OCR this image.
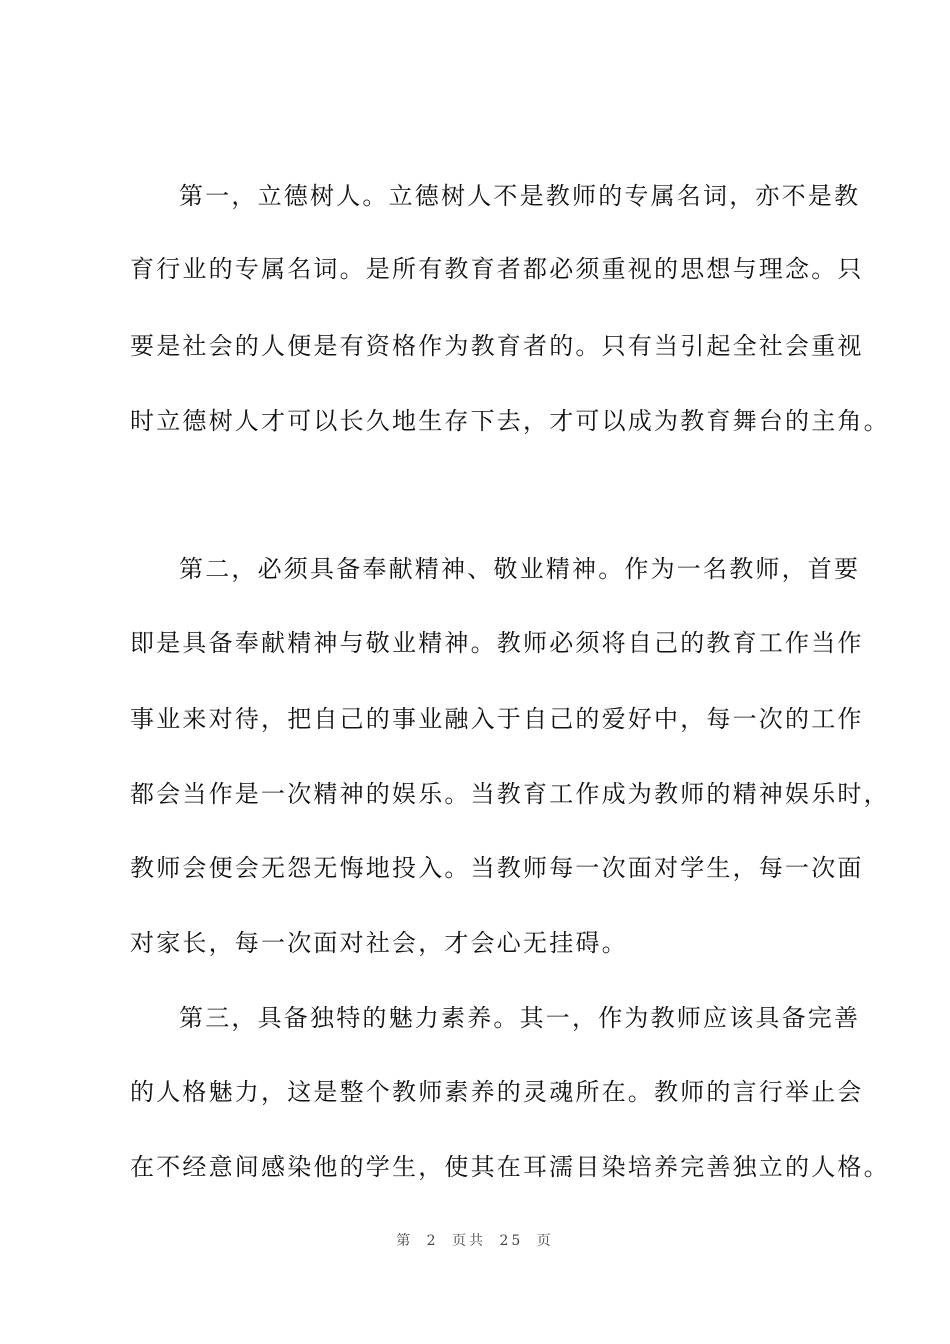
第一，立德树人。立德树人不是教师的专属名词，亦不是教
育行业的专属名词。是所有教育者都必须重视的思想与理念。只
要是社会的人便是有资格作为教育者的。只有当引起全社会重视
时立德树人才可以长久地生存下去，才可以成为教育舞台的主角。
第二，必须具备奉献精神、敬业精神。作为一名教师，首要
即是具备奉献精神与敬业精神。教师必须将自己的教育工作当作
事业来对待，把自己的事业融入于自己的爱好中，每一次的工作
都会当作是一次精神的娱乐。当教育工作成为教师的精神娱乐时，
教师会便会无怨无悔地投入。当教师每一次面对学生，每一次面
对家长，每一次面对社会，才会心无挂碍。
第三，具备独特的魅力素养。其一，作为教师应该具备完善
的人格魅力，这是整个教师素养的灵魂所在。教师的言行举止会
在不经意间感染他的学生，使其在耳濡目染培养完善独立的人格。
第 2 页共 25 页
